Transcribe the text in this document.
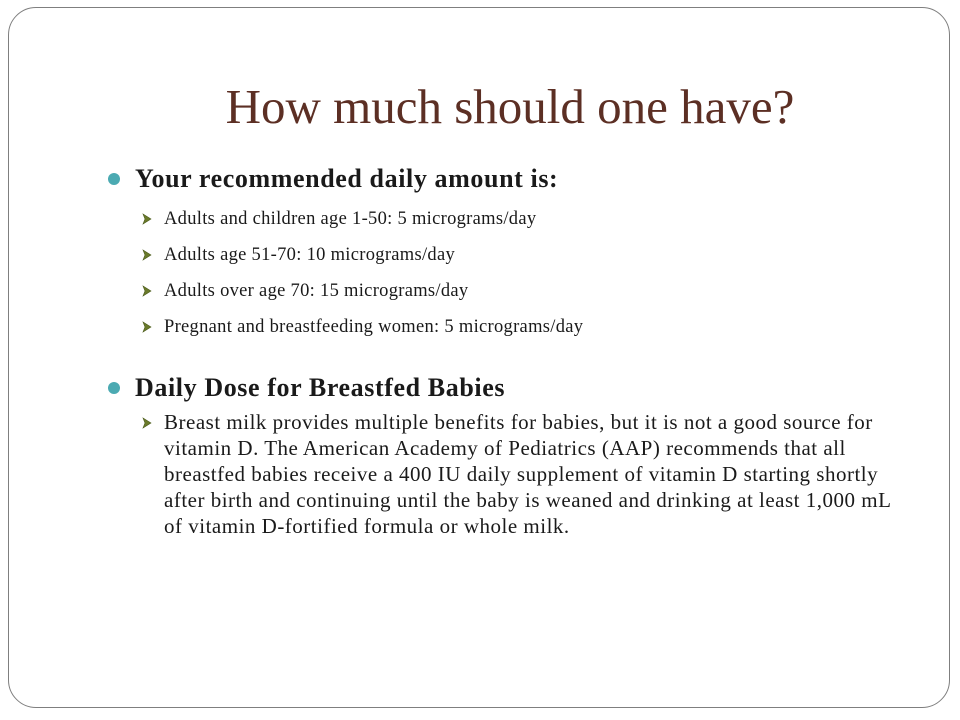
How much should one have?
Your recommended daily amount is:
Adults and children age 1-50: 5 micrograms/day
Adults age 51-70: 10 micrograms/day
Adults over age 70: 15 micrograms/day
Pregnant and breastfeeding women: 5 micrograms/day
Daily Dose for Breastfed Babies
Breast milk provides multiple benefits for babies, but it is not a good source for vitamin D. The American Academy of Pediatrics (AAP) recommends that all breastfed babies receive a 400 IU daily supplement of vitamin D starting shortly after birth and continuing until the baby is weaned and drinking at least 1,000 mL of vitamin D-fortified formula or whole milk.
